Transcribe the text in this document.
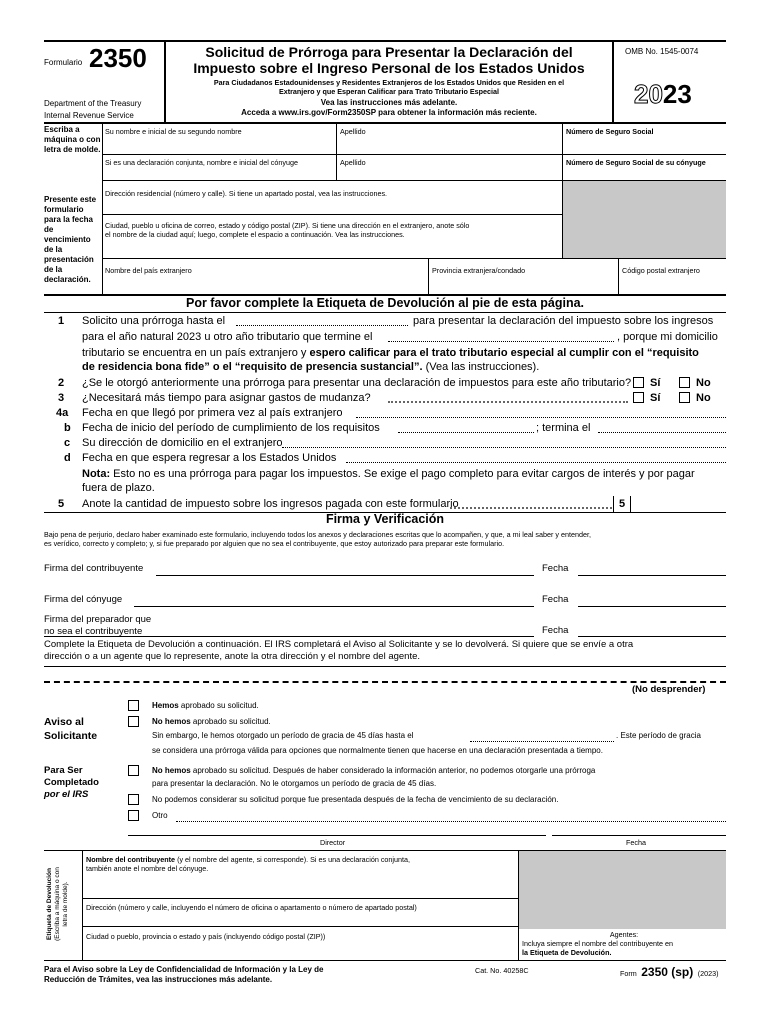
Formulario 2350
Department of the Treasury
Internal Revenue Service
Solicitud de Prórroga para Presentar la Declaración del
Impuesto sobre el Ingreso Personal de los Estados Unidos
Para Ciudadanos Estadounidenses y Residentes Extranjeros de los Estados Unidos que Residen en el
Extranjero y que Esperan Calificar para Trato Tributario Especial
Vea las instrucciones más adelante.
Acceda a www.irs.gov/Form2350SP para obtener la información más reciente.
OMB No. 1545-0074
2023
Escriba a máquina o con letra de molde.
Presente este formulario para la fecha de vencimiento de la presentación de la declaración.
Su nombre e inicial de su segundo nombre	Apellido	Número de Seguro Social
Si es una declaración conjunta, nombre e inicial del cónyuge	Apellido	Número de Seguro Social de su cónyuge
Dirección residencial (número y calle). Si tiene un apartado postal, vea las instrucciones.
Ciudad, pueblo u oficina de correo, estado y código postal (ZIP). Si tiene una dirección en el extranjero, anote sólo
el nombre de la ciudad aquí; luego, complete el espacio a continuación. Vea las instrucciones.
Nombre del país extranjero	Provincia extranjera/condado	Código postal extranjero
Por favor complete la Etiqueta de Devolución al pie de esta página.
1 Solicito una prórroga hasta el	para presentar la declaración del impuesto sobre los ingresos
para el año natural 2023 u otro año tributario que termine el	, porque mi domicilio
tributario se encuentra en un país extranjero y espero calificar para el trato tributario especial al cumplir con el “requisito
de residencia bona fide” o el “requisito de presencia sustancial”. (Vea las instrucciones).
2 ¿Se le otorgó anteriormente una prórroga para presentar una declaración de impuestos para este año tributario? Sí	No
3 ¿Necesitará más tiempo para asignar gastos de mudanza?	Sí	No
4a Fecha en que llegó por primera vez al país extranjero
b Fecha de inicio del período de cumplimiento de los requisitos	; termina el
c Su dirección de domicilio en el extranjero
d Fecha en que espera regresar a los Estados Unidos
Nota: Esto no es una prórroga para pagar los impuestos. Se exige el pago completo para evitar cargos de interés y por pagar
fuera de plazo.
5 Anote la cantidad de impuesto sobre los ingresos pagada con este formulario	5
Firma y Verificación
Bajo pena de perjurio, declaro haber examinado este formulario, incluyendo todos los anexos y declaraciones escritas que lo acompañen, y que, a mi leal saber y entender,
es verídico, correcto y completo; y, si fue preparado por alguien que no sea el contribuyente, que estoy autorizado para preparar este formulario.
Firma del contribuyente	Fecha
Firma del cónyuge	Fecha
Firma del preparador que
no sea el contribuyente	Fecha
Complete la Etiqueta de Devolución a continuación. El IRS completará el Aviso al Solicitante y se lo devolverá. Si quiere que se envíe a otra
dirección o a un agente que lo represente, anote la otra dirección y el nombre del agente.
(No desprender)
Aviso al
Solicitante
Para Ser
Completado
por el IRS
Hemos aprobado su solicitud.
No hemos aprobado su solicitud.
Sin embargo, le hemos otorgado un período de gracia de 45 días hasta el	. Este período de gracia
se considera una prórroga válida para opciones que normalmente tienen que hacerse en una declaración presentada a tiempo.
No hemos aprobado su solicitud. Después de haber considerado la información anterior, no podemos otorgarle una prórroga
para presentar la declaración. No le otorgamos un período de gracia de 45 días.
No podemos considerar su solicitud porque fue presentada después de la fecha de vencimiento de su declaración.
Otro
Director	Fecha
Etiqueta de Devolución (Escriba a máquina o con letra de molde).
Nombre del contribuyente (y el nombre del agente, si corresponde). Si es una declaración conjunta,
también anote el nombre del cónyuge.
Dirección (número y calle, incluyendo el número de oficina o apartamento o número de apartado postal)
Ciudad o pueblo, provincia o estado y país (incluyendo código postal (ZIP))	Agentes:
Incluya siempre el nombre del contribuyente en
la Etiqueta de Devolución.
Para el Aviso sobre la Ley de Confidencialidad de Información y la Ley de
Reducción de Trámites, vea las instrucciones más adelante.
Cat. No. 40258C	Form 2350 (sp) (2023)
